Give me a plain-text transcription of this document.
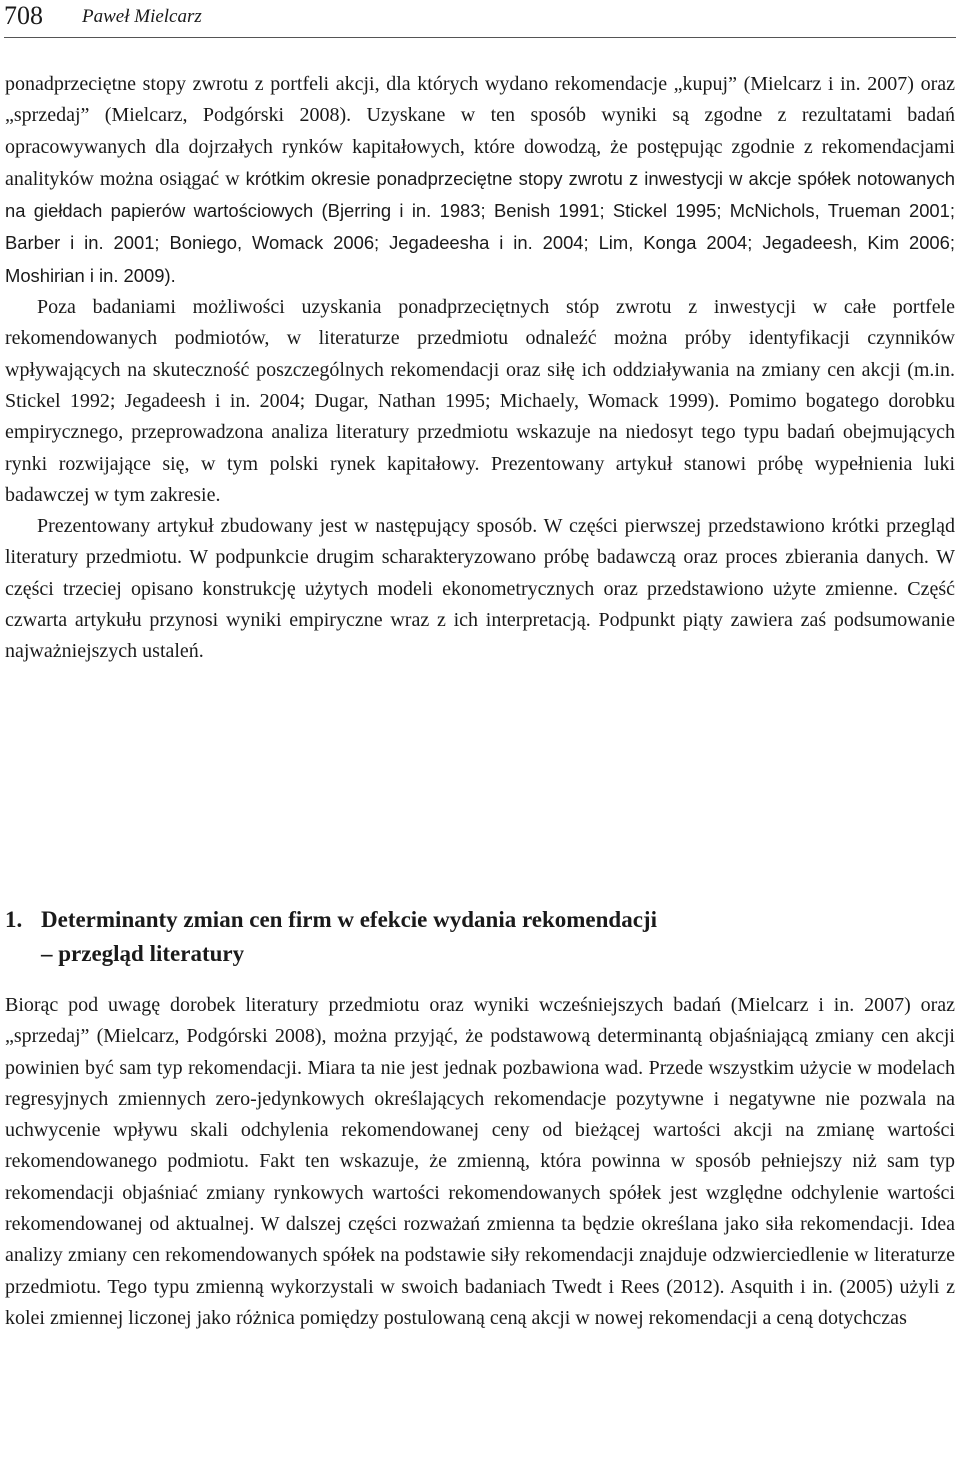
708 Paweł Mielcarz

ponadprzeciętne stopy zwrotu z portfeli akcji, dla których wydano rekomendacje „kupuj” (Mielcarz i in. 2007) oraz „sprzedaj” (Mielcarz, Podgórski 2008). Uzyskane w ten sposób wyniki są zgodne z rezultatami badań opracowywanych dla dojrzałych rynków kapitałowych, które dowodzą, że postępując zgodnie z rekomendacjami analityków można osiągać w krótkim okresie ponadprzeciętne stopy zwrotu z inwestycji w akcje spółek notowanych na giełdach papierów wartościowych (Bjerring i in. 1983; Benish 1991; Stickel 1995; McNichols, Trueman 2001; Barber i in. 2001; Boniego, Womack 2006; Jegadeesha i in. 2004; Lim, Konga 2004; Jegadeesh, Kim 2006; Moshirian i in. 2009).

Poza badaniami możliwości uzyskania ponadprzeciętnych stóp zwrotu z inwestycji w całe portfele rekomendowanych podmiotów, w literaturze przedmiotu odnaleźć można próby identyfikacji czynników wpływających na skuteczność poszczególnych rekomendacji oraz siłę ich oddziaływania na zmiany cen akcji (m.in. Stickel 1992; Jegadeesh i in. 2004; Dugar, Nathan 1995; Michaely, Womack 1999). Pomimo bogatego dorobku empirycznego, przeprowadzona analiza literatury przedmiotu wskazuje na niedosyt tego typu badań obejmujących rynki rozwijające się, w tym polski rynek kapitałowy. Prezentowany artykuł stanowi próbę wypełnienia luki badawczej w tym zakresie.

Prezentowany artykuł zbudowany jest w następujący sposób. W części pierwszej przedstawiono krótki przegląd literatury przedmiotu. W podpunkcie drugim scharakteryzowano próbę badawczą oraz proces zbierania danych. W części trzeciej opisano konstrukcję użytych modeli ekonometrycznych oraz przedstawiono użyte zmienne. Część czwarta artykułu przynosi wyniki empiryczne wraz z ich interpretacją. Podpunkt piąty zawiera zaś podsumowanie najważniejszych ustaleń.

1. Determinanty zmian cen firm w efekcie wydania rekomendacji
– przegląd literatury

Biorąc pod uwagę dorobek literatury przedmiotu oraz wyniki wcześniejszych badań (Mielcarz i in. 2007) oraz „sprzedaj” (Mielcarz, Podgórski 2008), można przyjąć, że podstawową determinantą objaśniającą zmiany cen akcji powinien być sam typ rekomendacji. Miara ta nie jest jednak pozbawiona wad. Przede wszystkim użycie w modelach regresyjnych zmiennych zero-jedynkowych określających rekomendacje pozytywne i negatywne nie pozwala na uchwycenie wpływu skali odchylenia rekomendowanej ceny od bieżącej wartości akcji na zmianę wartości rekomendowanego podmiotu. Fakt ten wskazuje, że zmienną, która powinna w sposób pełniejszy niż sam typ rekomendacji objaśniać zmiany rynkowych wartości rekomendowanych spółek jest względne odchylenie wartości rekomendowanej od aktualnej. W dalszej części rozważań zmienna ta będzie określana jako siła rekomendacji. Idea analizy zmiany cen rekomendowanych spółek na podstawie siły rekomendacji znajduje odzwierciedlenie w literaturze przedmiotu. Tego typu zmienną wykorzystali w swoich badaniach Twedt i Rees (2012). Asquith i in. (2005) użyli z kolei zmiennej liczonej jako różnica pomiędzy postulowaną ceną akcji w nowej rekomendacji a ceną dotychczas
